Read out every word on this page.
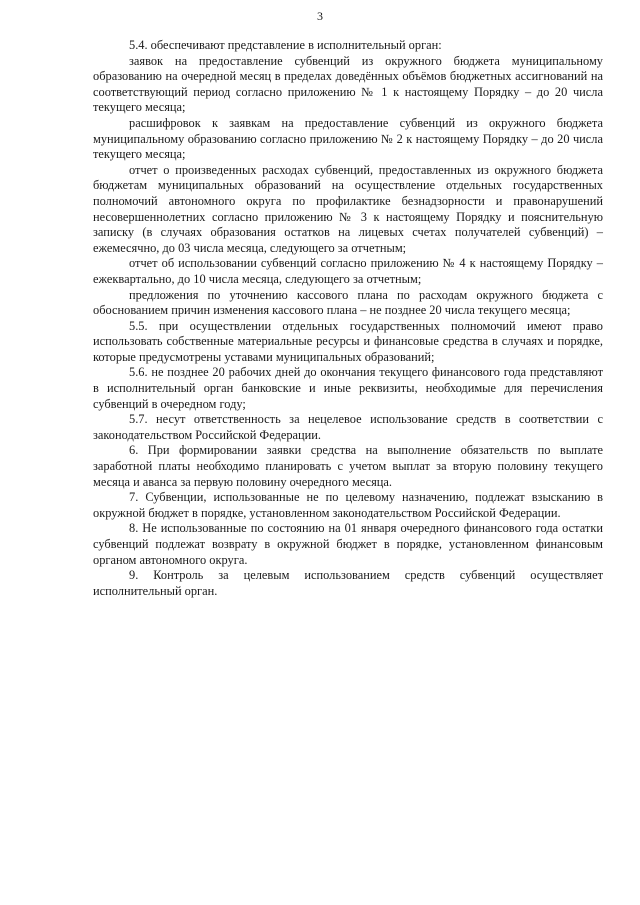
3

5.4. обеспечивают представление в исполнительный орган:

заявок на предоставление субвенций из окружного бюджета муниципальному образованию на очередной месяц в пределах доведённых объёмов бюджетных ассигнований на соответствующий период согласно приложению № 1 к настоящему Порядку – до 20 числа текущего месяца;

расшифровок к заявкам на предоставление субвенций из окружного бюджета муниципальному образованию согласно приложению № 2 к настоящему Порядку – до 20 числа текущего месяца;

отчет о произведенных расходах субвенций, предоставленных из окружного бюджета бюджетам муниципальных образований на осуществление отдельных государственных полномочий автономного округа по профилактике безнадзорности и правонарушений несовершеннолетних согласно приложению № 3 к настоящему Порядку и пояснительную записку (в случаях образования остатков на лицевых счетах получателей субвенций) – ежемесячно, до 03 числа месяца, следующего за отчетным;

отчет об использовании субвенций согласно приложению № 4 к настоящему Порядку – ежеквартально, до 10 числа месяца, следующего за отчетным;

предложения по уточнению кассового плана по расходам окружного бюджета с обоснованием причин изменения кассового плана – не позднее 20 числа текущего месяца;

5.5. при осуществлении отдельных государственных полномочий имеют право использовать собственные материальные ресурсы и финансовые средства в случаях и порядке, которые предусмотрены уставами муниципальных образований;

5.6. не позднее 20 рабочих дней до окончания текущего финансового года представляют в исполнительный орган банковские и иные реквизиты, необходимые для перечисления субвенций в очередном году;

5.7. несут ответственность за нецелевое использование средств в соответствии с законодательством Российской Федерации.

6. При формировании заявки средства на выполнение обязательств по выплате заработной платы необходимо планировать с учетом выплат за вторую половину текущего месяца и аванса за первую половину очередного месяца.

7. Субвенции, использованные не по целевому назначению, подлежат взысканию в окружной бюджет в порядке, установленном законодательством Российской Федерации.

8. Не использованные по состоянию на 01 января очередного финансового года остатки субвенций подлежат возврату в окружной бюджет в порядке, установленном финансовым органом автономного округа.

9. Контроль за целевым использованием средств субвенций осуществляет исполнительный орган.
